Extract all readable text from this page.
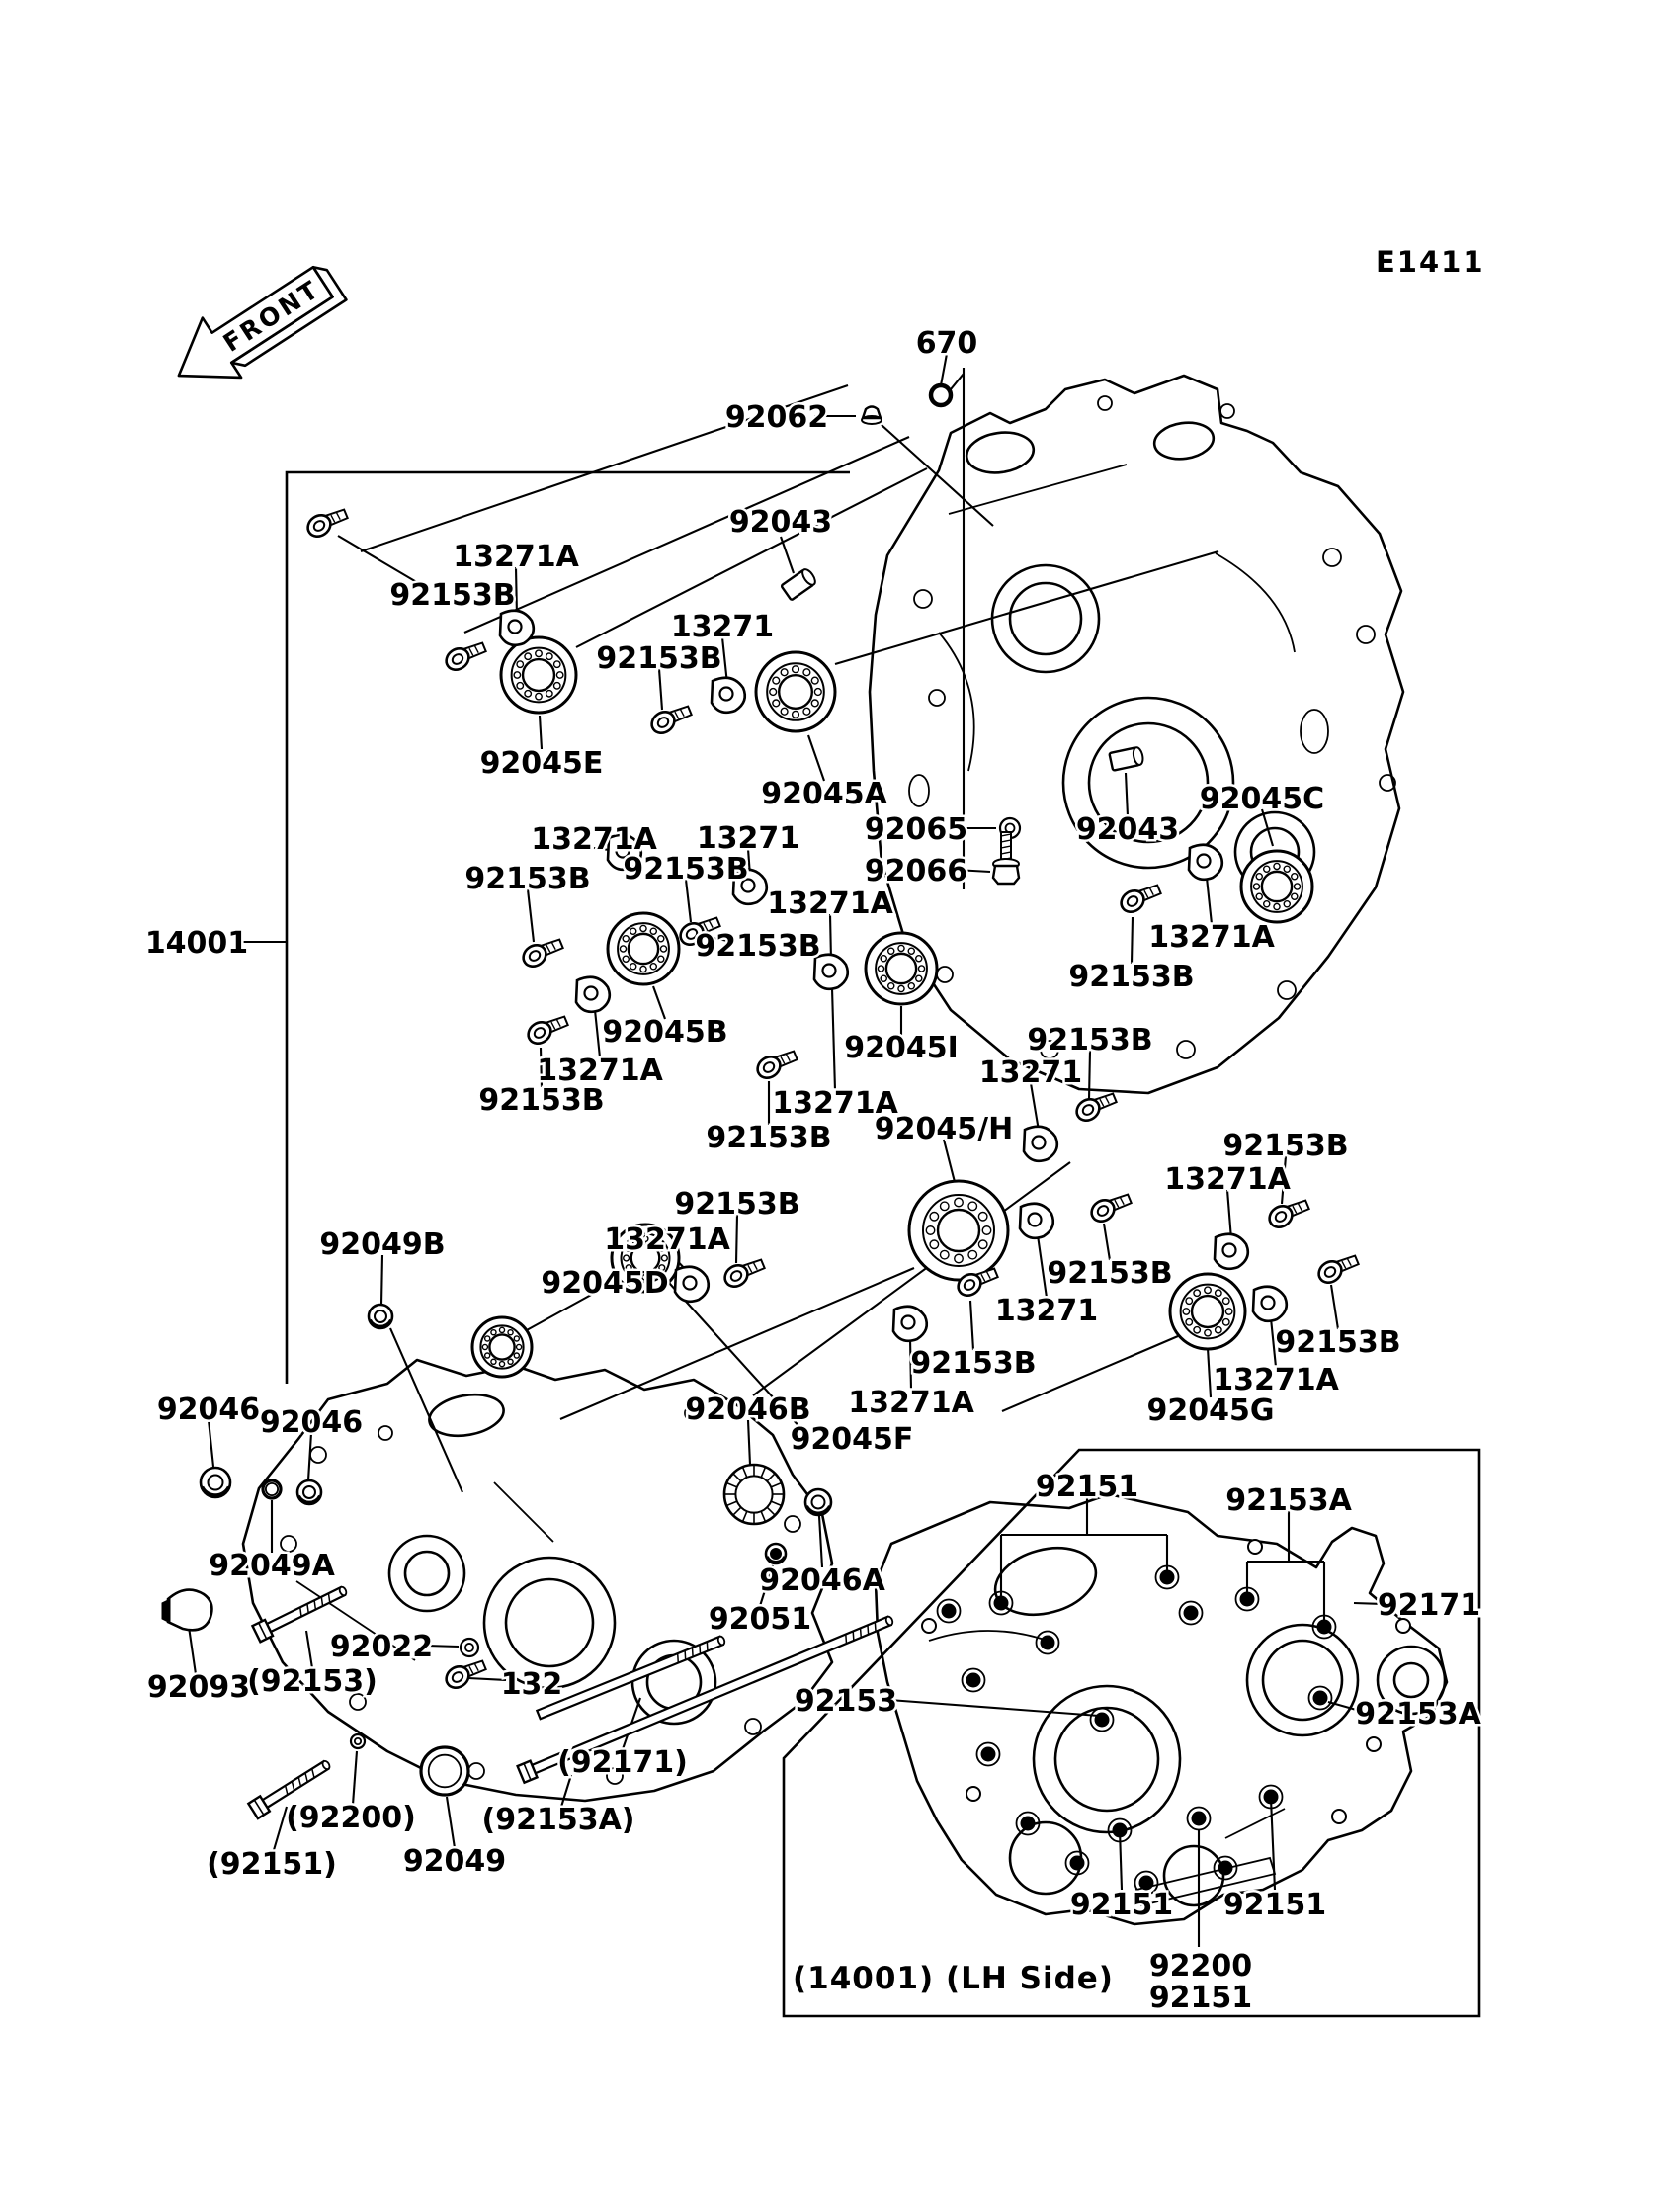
FRONT	670
92062
92043
13271A
92153B
13271
92153B
92045E
92045A
13271A 13271
92153B 92153B
13271A
92153B
14001
92065
92066
92043
92045C
13271A
92153B
92045I 92153B
13271
92045B
13271A
92153B	13271A
92153B 92045/H
92153B
92153B
13271
92153B
92153B
13271A
92153B
13271A
92045G
92049B	13271A
92045D
92046 92046
92049A
92093
(92153)
92022
132
(92200)
(92151) 92049
(92153A)
(92171)
92046B 13271A
92045F
92046A
92051
92153
92151	92153A
92171
92153A
92151 92151
92200
92151
E1411
(14001) (LH Side)
